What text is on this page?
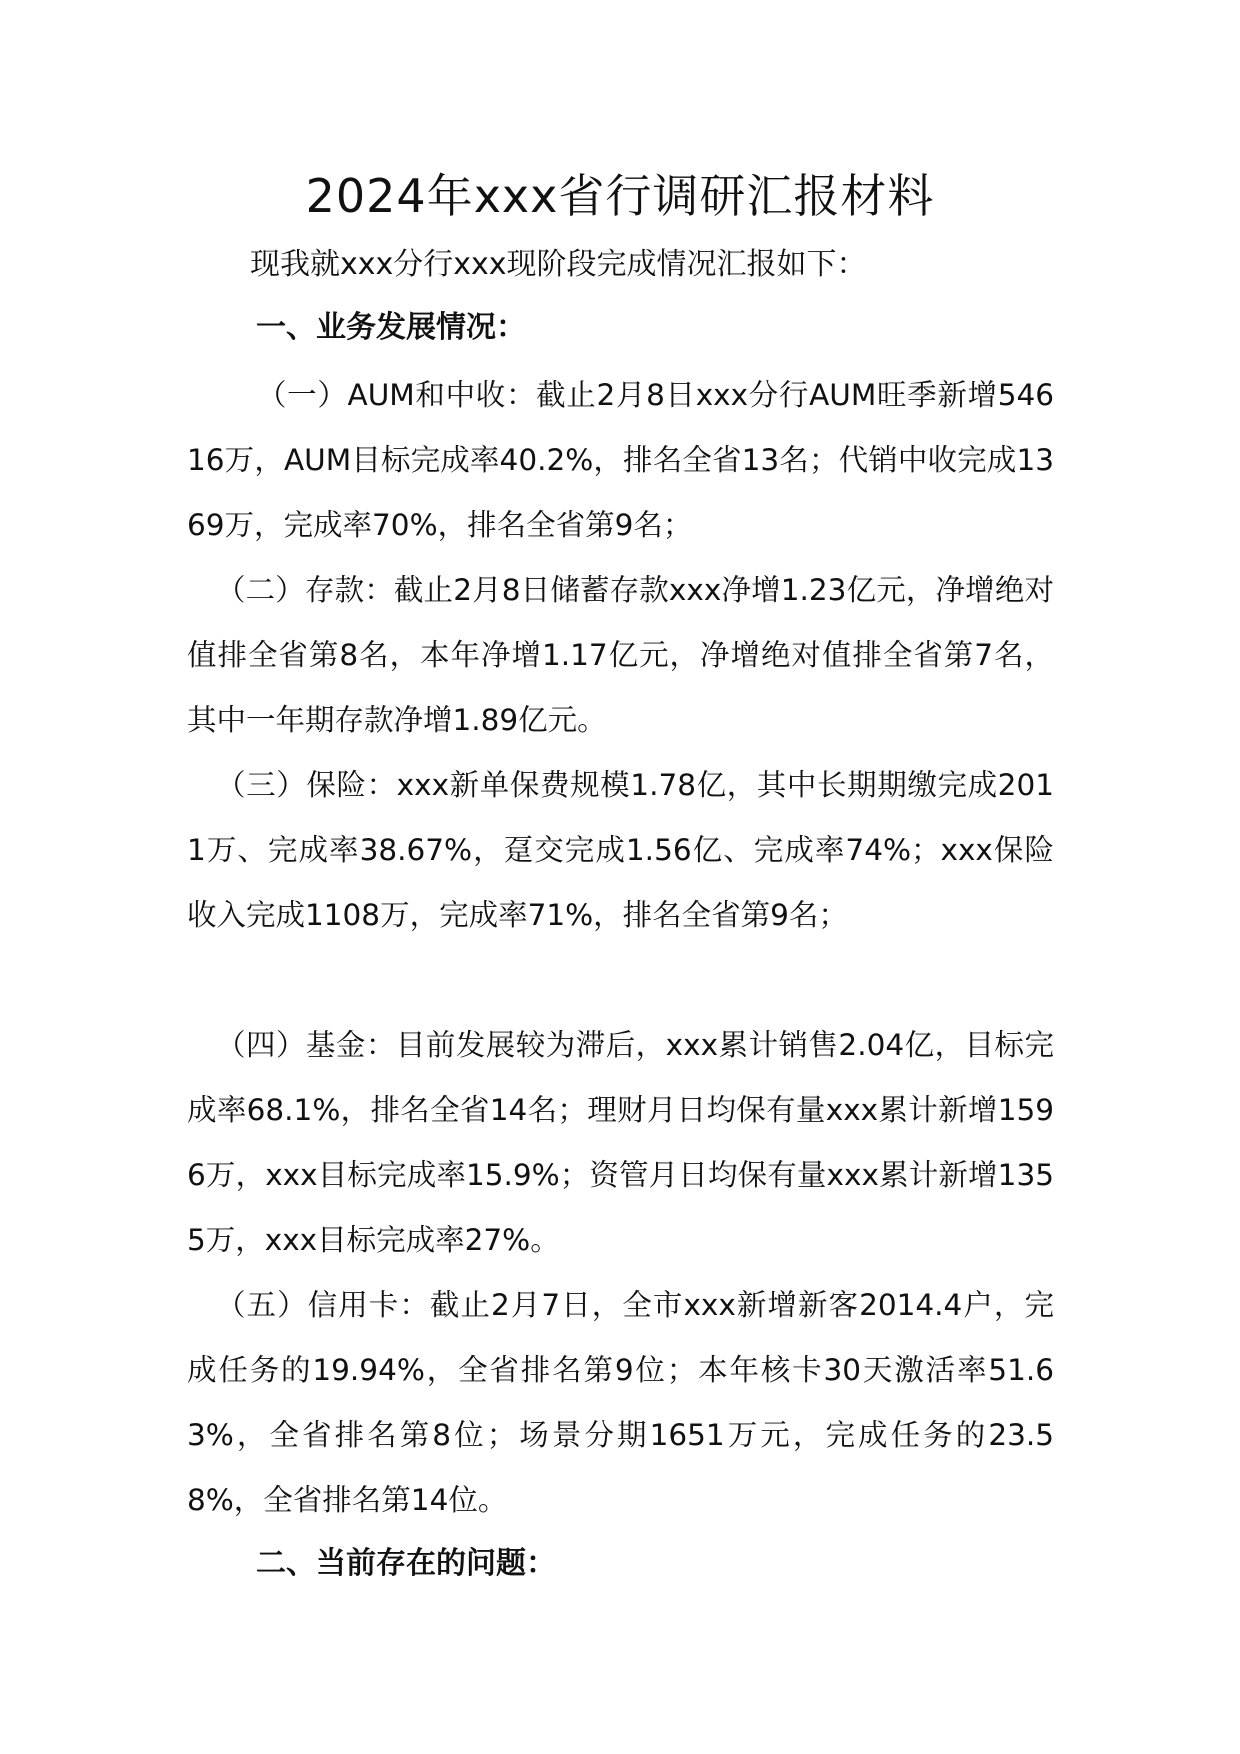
2024年xxx省行调研汇报材料

现我就xxx分行xxx现阶段完成情况汇报如下：

一、业务发展情况：

（一）AUM和中收：截止2月8日xxx分行AUM旺季新增54616万，AUM目标完成率40.2%，排名全省13名；代销中收完成1369万，完成率70%，排名全省第9名；

（二）存款：截止2月8日储蓄存款xxx净增1.23亿元，净增绝对值排全省第8名，本年净增1.17亿元，净增绝对值排全省第7名，其中一年期存款净增1.89亿元。

（三）保险：xxx新单保费规模1.78亿，其中长期期缴完成2011万、完成率38.67%，趸交完成1.56亿、完成率74%；xxx保险收入完成1108万，完成率71%，排名全省第9名；

（四）基金：目前发展较为滞后，xxx累计销售2.04亿，目标完成率68.1%，排名全省14名；理财月日均保有量xxx累计新增1596万，xxx目标完成率15.9%；资管月日均保有量xxx累计新增1355万，xxx目标完成率27%。

（五）信用卡：截止2月7日，全市xxx新增新客2014.4户，完成任务的19.94%，全省排名第9位；本年核卡30天激活率51.63%，全省排名第8位；场景分期1651万元，完成任务的23.58%，全省排名第14位。

二、当前存在的问题：
